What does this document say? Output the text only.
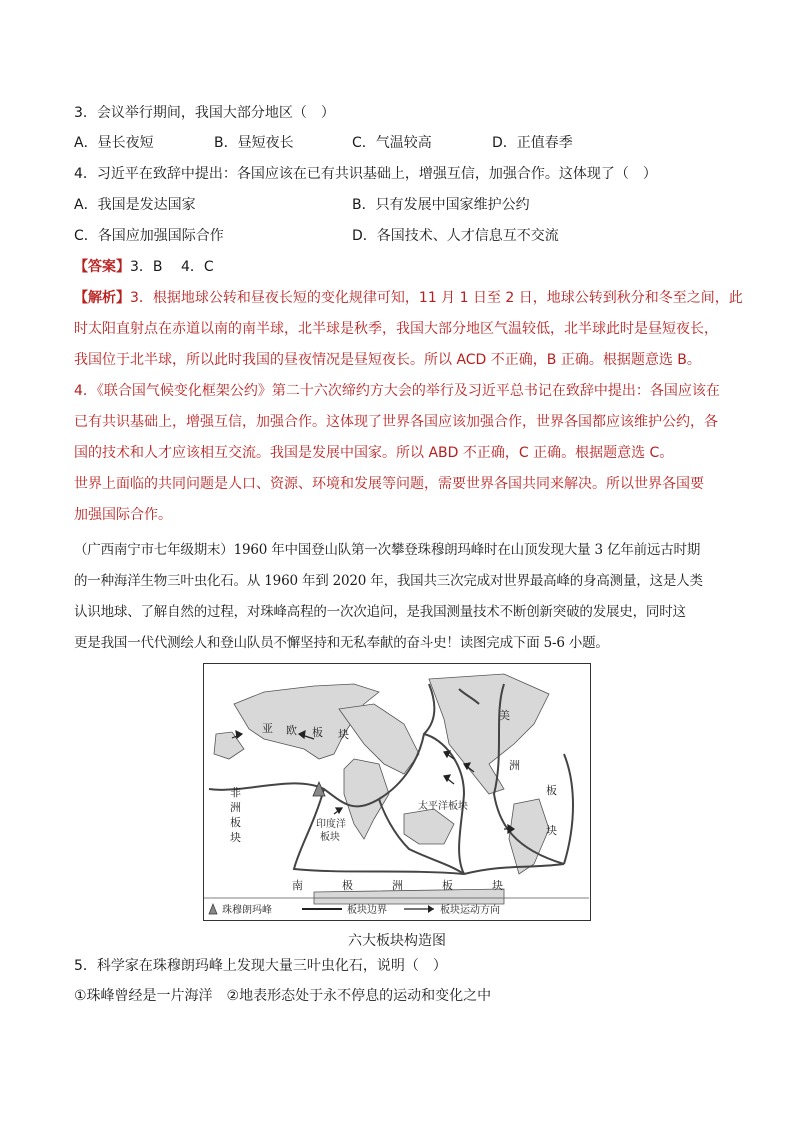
3．会议举行期间，我国大部分地区（　）
A．昼长夜短	B．昼短夜长	C．气温较高	D．正值春季
4．习近平在致辞中提出：各国应该在已有共识基础上，增强互信，加强合作。这体现了（　）
A．我国是发达国家	B．只有发展中国家维护公约
C．各国应加强国际合作	D．各国技术、人才信息互不交流
【答案】3．B　 4．C
【解析】3．根据地球公转和昼夜长短的变化规律可知，11 月 1 日至 2 日，地球公转到秋分和冬至之间，此
时太阳直射点在赤道以南的南半球，北半球是秋季，我国大部分地区气温较低，北半球此时是昼短夜长，
我国位于北半球，所以此时我国的昼夜情况是昼短夜长。所以 ACD 不正确，B 正确。根据题意选 B。
4．《联合国气候变化框架公约》第二十六次缔约方大会的举行及习近平总书记在致辞中提出：各国应该在
已有共识基础上，增强互信，加强合作。这体现了世界各国应该加强合作，世界各国都应该维护公约，各
国的技术和人才应该相互交流。我国是发展中国家。所以 ABD 不正确，C 正确。根据题意选 C。
世界上面临的共同问题是人口、资源、环境和发展等问题，需要世界各国共同来解决。所以世界各国要
加强国际合作。
（广西南宁市七年级期末）1960 年中国登山队第一次攀登珠穆朗玛峰时在山顶发现大量 3 亿年前远古时期
的一种海洋生物三叶虫化石。从 1960 年到 2020 年，我国共三次完成对世界最高峰的身高测量，这是人类
认识地球、了解自然的过程，对珠峰高程的一次次追问，是我国测量技术不断创新突破的发展史，同时这
更是我国一代代测绘人和登山队员不懈坚持和无私奉献的奋斗史！读图完成下面 5-6 小题。
亚 欧 板 块
非
洲
板
块
印度洋
板块
太平洋板块
美
洲
板
块
南	极	洲	板	块
珠穆朗玛峰	板块边界	板块运动方向
六大板块构造图
5．科学家在珠穆朗玛峰上发现大量三叶虫化石，说明（　）
①珠峰曾经是一片海洋　②地表形态处于永不停息的运动和变化之中
